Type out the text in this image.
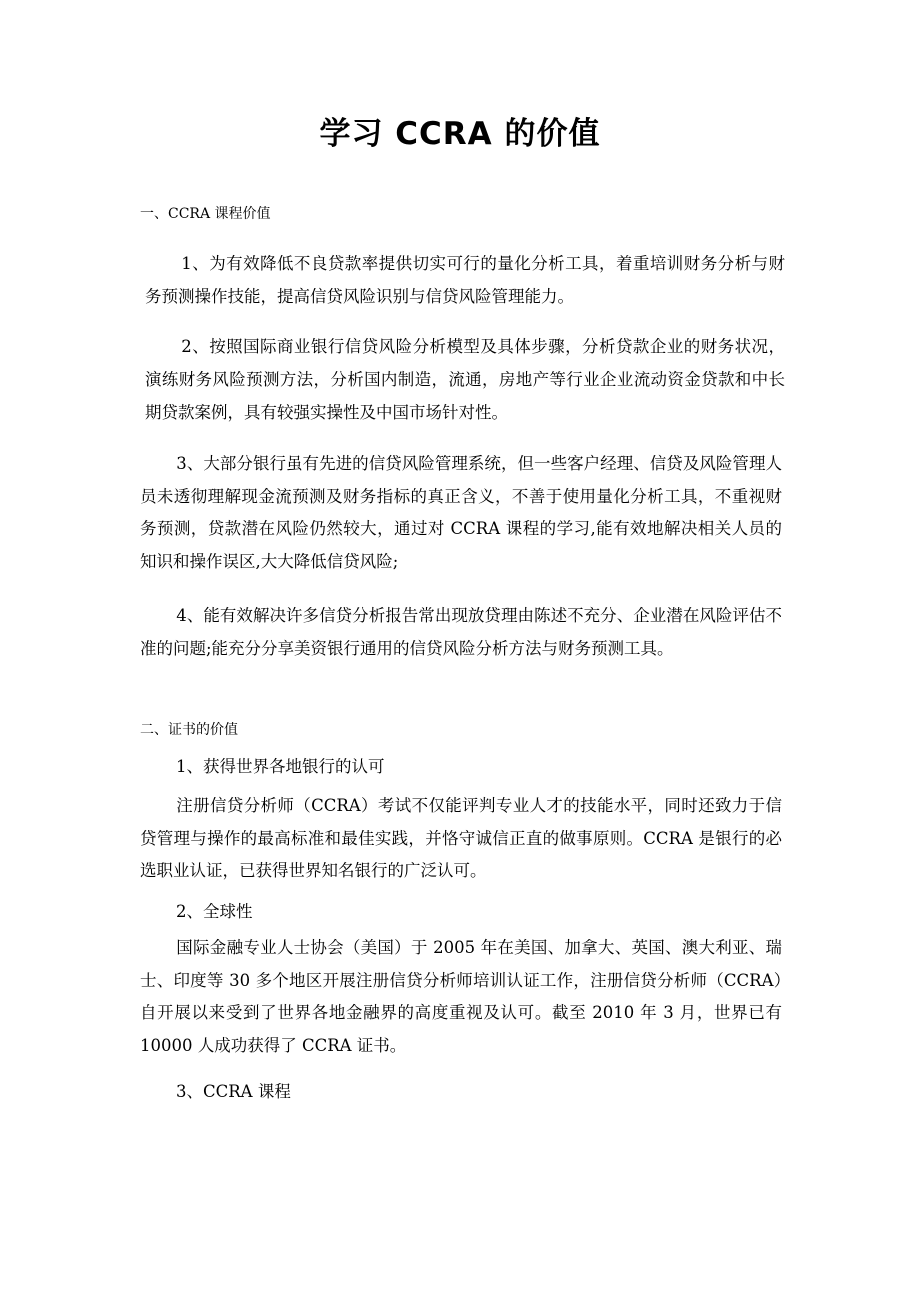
学习 CCRA 的价值
一、CCRA 课程价值
1、为有效降低不良贷款率提供切实可行的量化分析工具，着重培训财务分析与财务预测操作技能，提高信贷风险识别与信贷风险管理能力。
2、按照国际商业银行信贷风险分析模型及具体步骤，分析贷款企业的财务状况，演练财务风险预测方法，分析国内制造，流通，房地产等行业企业流动资金贷款和中长期贷款案例，具有较强实操性及中国市场针对性。
3、大部分银行虽有先进的信贷风险管理系统，但一些客户经理、信贷及风险管理人员未透彻理解现金流预测及财务指标的真正含义，不善于使用量化分析工具，不重视财务预测，贷款潜在风险仍然较大，通过对 CCRA 课程的学习,能有效地解决相关人员的知识和操作误区,大大降低信贷风险;
4、能有效解决许多信贷分析报告常出现放贷理由陈述不充分、企业潜在风险评估不准的问题;能充分分享美资银行通用的信贷风险分析方法与财务预测工具。
二、证书的价值
1、获得世界各地银行的认可
注册信贷分析师（CCRA）考试不仅能评判专业人才的技能水平，同时还致力于信贷管理与操作的最高标准和最佳实践，并恪守诚信正直的做事原则。CCRA 是银行的必选职业认证，已获得世界知名银行的广泛认可。
2、全球性
国际金融专业人士协会（美国）于 2005 年在美国、加拿大、英国、澳大利亚、瑞士、印度等 30 多个地区开展注册信贷分析师培训认证工作，注册信贷分析师（CCRA）自开展以来受到了世界各地金融界的高度重视及认可。截至 2010 年 3 月，世界已有 10000 人成功获得了 CCRA 证书。
3、CCRA 课程
